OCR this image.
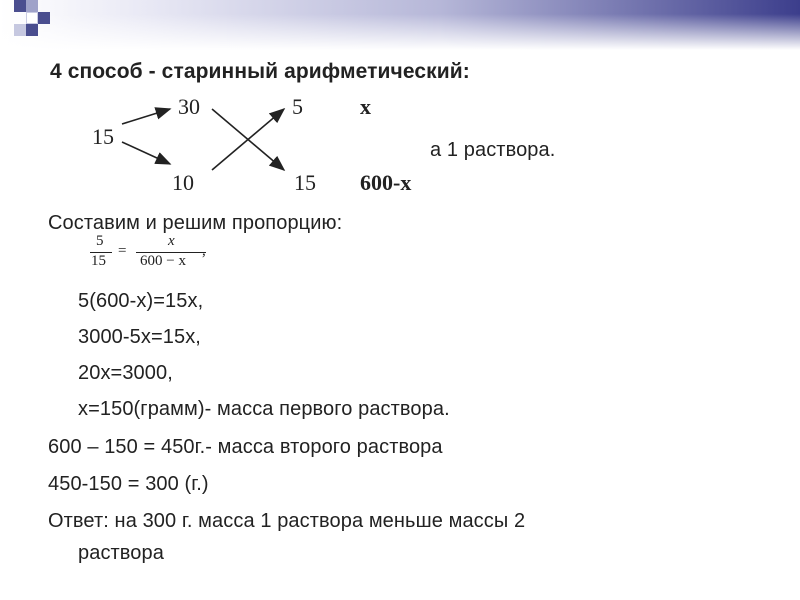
4 способ - старинный арифметический:
15
30
10
5
15
x
600-x
а 1 раствора.
Составим и решим пропорцию:
5
15
=
x
600 − x
,
5(600-x)=15x,
3000-5x=15x,
20x=3000,
x=150(грамм)- масса первого раствора.
600 – 150 = 450г.- масса второго раствора
450-150 = 300 (г.)
Ответ: на 300 г. масса 1 раствора меньше массы 2
раствора
